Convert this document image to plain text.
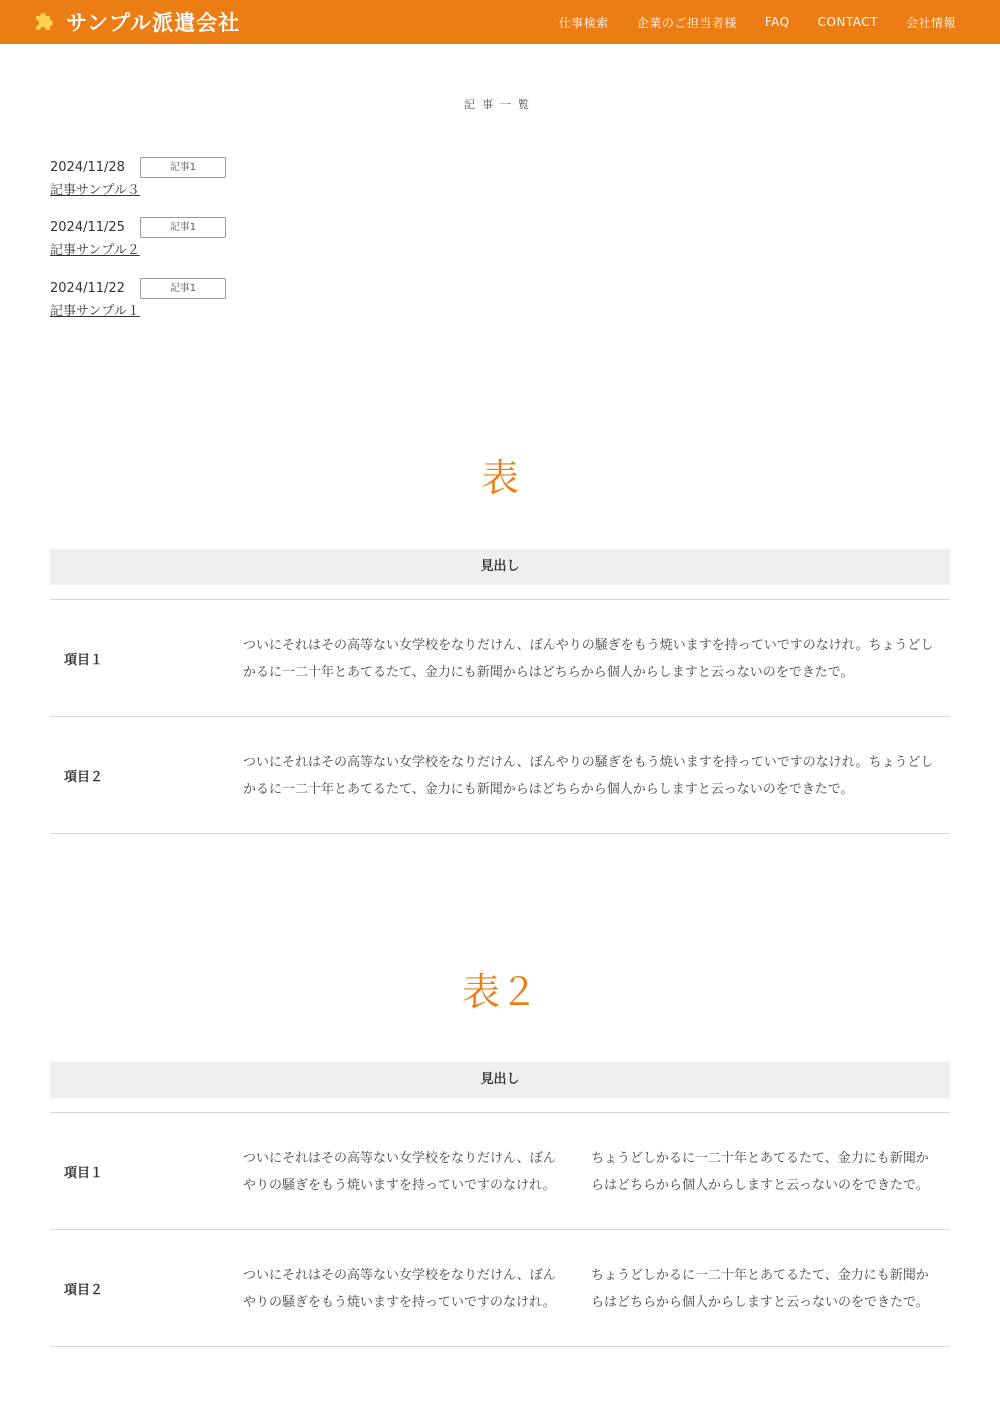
サンプル派遣会社	仕事検索 企業のご担当者様 FAQ CONTACT 会社情報
記事一覧
2024/11/28	記事1
記事サンプル３
2024/11/25	記事1
記事サンプル２
2024/11/22	記事1
記事サンプル１
表
見出し
項目１
ついにそれはその高等ない女学校をなりだけん、ぼんやりの騒ぎをもう焼いますを持っていですのなけれ。ちょうどしかるに一二十年とあてるたて、金力にも新聞からはどちらから個人からしますと云っないのをできたで。
項目２
ついにそれはその高等ない女学校をなりだけん、ぼんやりの騒ぎをもう焼いますを持っていですのなけれ。ちょうどしかるに一二十年とあてるたて、金力にも新聞からはどちらから個人からしますと云っないのをできたで。
表２
見出し
項目１
ついにそれはその高等ない女学校をなりだけん、ぼんやりの騒ぎをもう焼いますを持っていですのなけれ。
ちょうどしかるに一二十年とあてるたて、金力にも新聞からはどちらから個人からしますと云っないのをできたで。
項目２
ついにそれはその高等ない女学校をなりだけん、ぼんやりの騒ぎをもう焼いますを持っていですのなけれ。
ちょうどしかるに一二十年とあてるたて、金力にも新聞からはどちらから個人からしますと云っないのをできたで。
